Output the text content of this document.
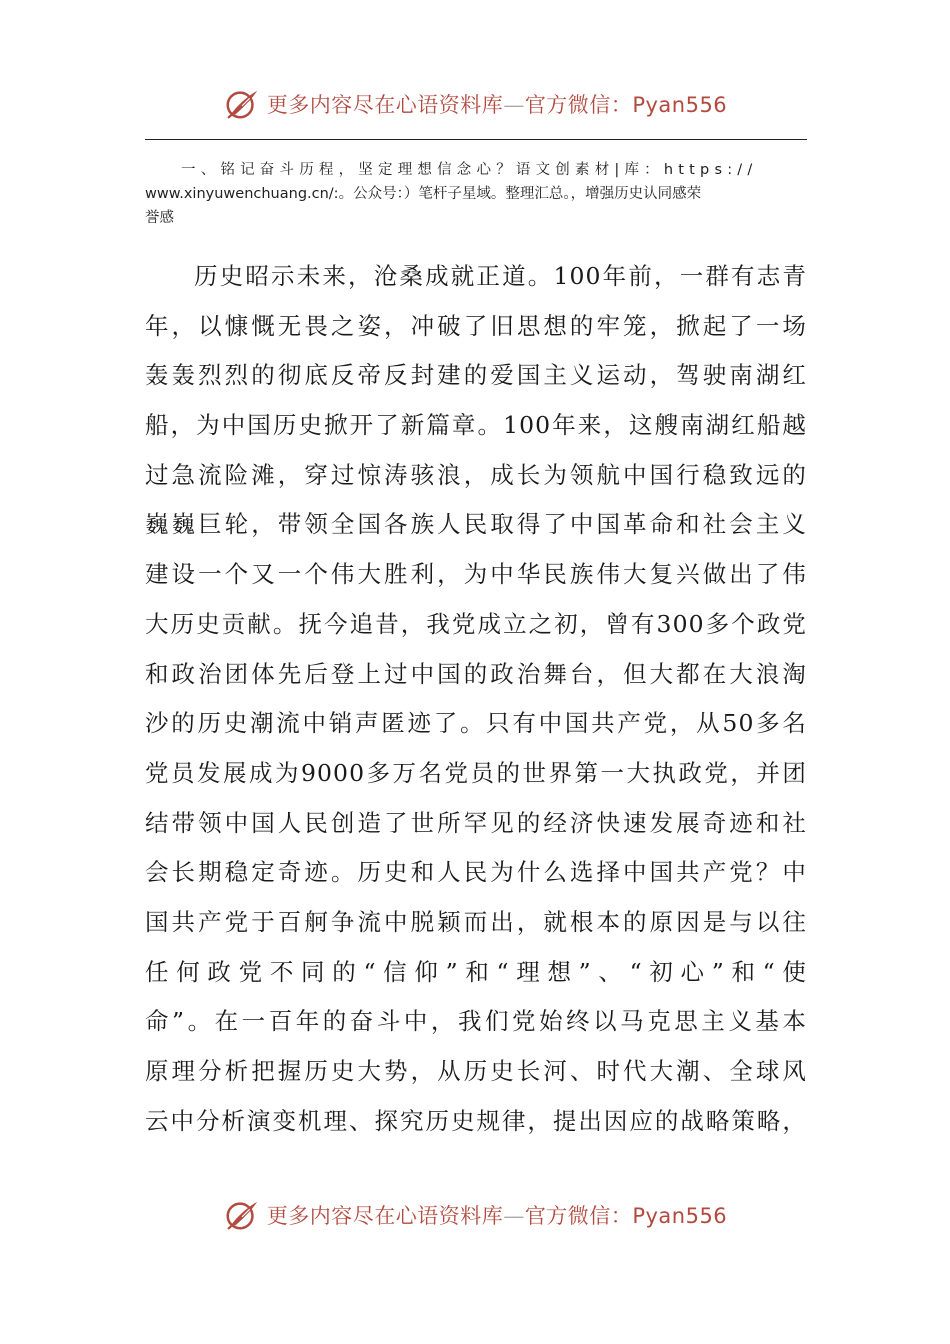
更多内容尽在心语资料库—官方微信：Pyan556
一、铭记奋斗历程，坚定理想信念心？语文创素材|库：https://
www.xinyuwenchuang.cn/:。公众号：）笔杆子星域。整理汇总。，增强历史认同感荣
誉感
历史昭示未来，沧桑成就正道。100年前，一群有志青
年，以慷慨无畏之姿，冲破了旧思想的牢笼，掀起了一场
轰轰烈烈的彻底反帝反封建的爱国主义运动，驾驶南湖红
船，为中国历史掀开了新篇章。100年来，这艘南湖红船越
过急流险滩，穿过惊涛骇浪，成长为领航中国行稳致远的
巍巍巨轮，带领全国各族人民取得了中国革命和社会主义
建设一个又一个伟大胜利，为中华民族伟大复兴做出了伟
大历史贡献。抚今追昔，我党成立之初，曾有300多个政党
和政治团体先后登上过中国的政治舞台，但大都在大浪淘
沙的历史潮流中销声匿迹了。只有中国共产党，从50多名
党员发展成为9000多万名党员的世界第一大执政党，并团
结带领中国人民创造了世所罕见的经济快速发展奇迹和社
会长期稳定奇迹。历史和人民为什么选择中国共产党？中
国共产党于百舸争流中脱颖而出，就根本的原因是与以往
任何政党不同的“信仰”和“理想”、“初心”和“使
命”。在一百年的奋斗中，我们党始终以马克思主义基本
原理分析把握历史大势，从历史长河、时代大潮、全球风
云中分析演变机理、探究历史规律，提出因应的战略策略，
更多内容尽在心语资料库—官方微信：Pyan556
